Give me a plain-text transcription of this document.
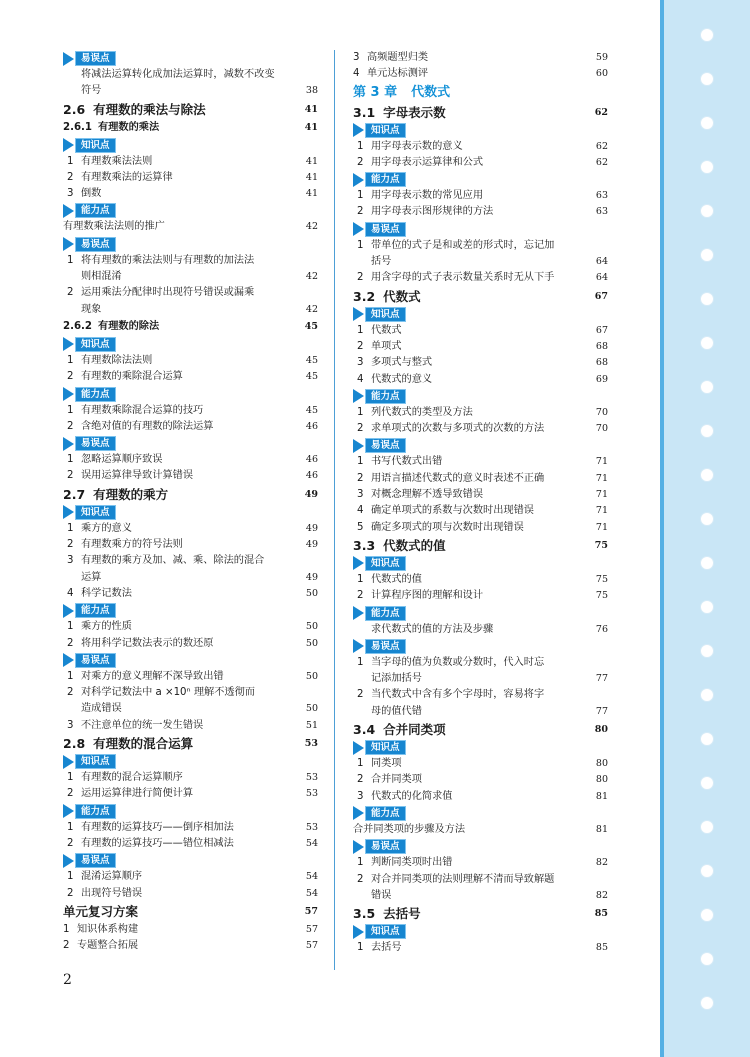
易误点
将减法运算转化成加法运算时，减数不改变
符号	38
2.6 有理数的乘法与除法	41
2.6.1 有理数的乘法	41
知识点
1 有理数乘法法则	41
2 有理数乘法的运算律	41
3 倒数	41
能力点
有理数乘法法则的推广	42
易误点
1 将有理数的乘法法则与有理数的加法法
则相混淆	42
2 运用乘法分配律时出现符号错误或漏乘
现象	42
2.6.2 有理数的除法	45
知识点
1 有理数除法法则	45
2 有理数的乘除混合运算	45
能力点
1 有理数乘除混合运算的技巧	45
2 含绝对值的有理数的除法运算	46
易误点
1 忽略运算顺序致误	46
2 误用运算律导致计算错误	46
2.7 有理数的乘方	49
知识点
1 乘方的意义	49
2 有理数乘方的符号法则	49
3 有理数的乘方及加、减、乘、除法的混合
运算	49
4 科学记数法	50
能力点
1 乘方的性质	50
2 将用科学记数法表示的数还原	50
易误点
1 对乘方的意义理解不深导致出错	50
2 对科学记数法中 a ×10ⁿ 理解不透彻而
造成错误	50
3 不注意单位的统一发生错误	51
2.8 有理数的混合运算	53
知识点
1 有理数的混合运算顺序	53
2 运用运算律进行简便计算	53
能力点
1 有理数的运算技巧——倒序相加法	53
2 有理数的运算技巧——错位相减法	54
易误点
1 混淆运算顺序	54
2 出现符号错误	54
单元复习方案	57
1 知识体系构建	57
2 专题整合拓展	57
3 高频题型归类	59
4 单元达标测评	60
第 3 章 代数式
3.1 字母表示数	62
知识点
1 用字母表示数的意义	62
2 用字母表示运算律和公式	62
能力点
1 用字母表示数的常见应用	63
2 用字母表示图形规律的方法	63
易误点
1 带单位的式子是和或差的形式时，忘记加
括号	64
2 用含字母的式子表示数量关系时无从下手	64
3.2 代数式	67
知识点
1 代数式	67
2 单项式	68
3 多项式与整式	68
4 代数式的意义	69
能力点
1 列代数式的类型及方法	70
2 求单项式的次数与多项式的次数的方法	70
易误点
1 书写代数式出错	71
2 用语言描述代数式的意义时表述不正确	71
3 对概念理解不透导致错误	71
4 确定单项式的系数与次数时出现错误	71
5 确定多项式的项与次数时出现错误	71
3.3 代数式的值	75
知识点
1 代数式的值	75
2 计算程序图的理解和设计	75
能力点
求代数式的值的方法及步骤	76
易误点
1 当字母的值为负数或分数时，代入时忘
记添加括号	77
2 当代数式中含有多个字母时，容易将字
母的值代错	77
3.4 合并同类项	80
知识点
1 同类项	80
2 合并同类项	80
3 代数式的化简求值	81
能力点
合并同类项的步骤及方法	81
易误点
1 判断同类项时出错	82
2 对合并同类项的法则理解不清而导致解题
错误	82
3.5 去括号	85
知识点
1 去括号	85
2
